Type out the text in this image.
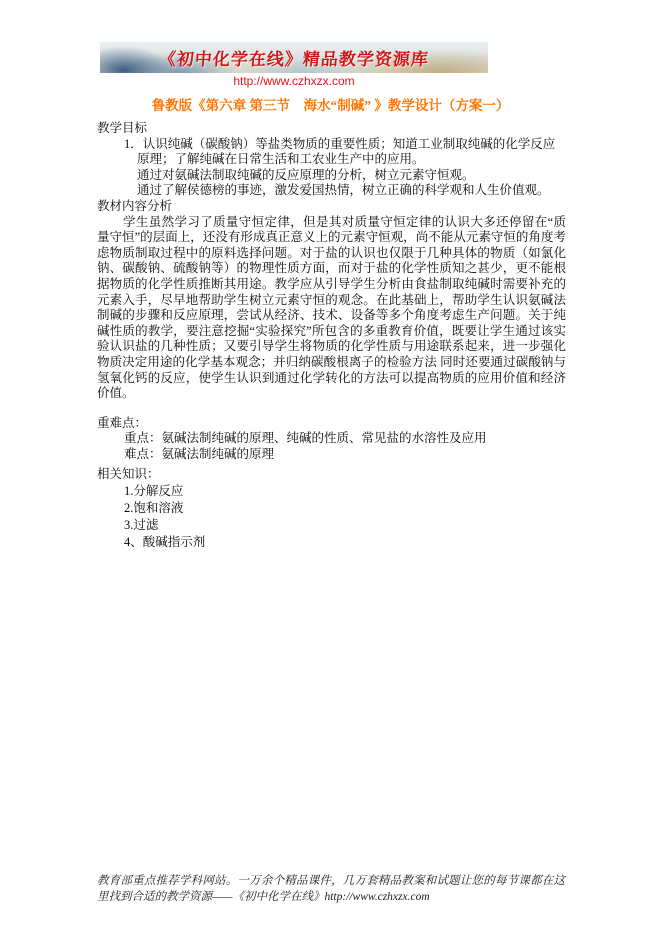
《初中化学在线》精品教学资源库
http://www.czhxzx.com
鲁教版《第六章 第三节　海水“制碱” 》教学设计（方案一）
教学目标
1．认识纯碱（碳酸钠）等盐类物质的重要性质；知道工业制取纯碱的化学反应原理；了解纯碱在日常生活和工农业生产中的应用。
通过对氨碱法制取纯碱的反应原理的分析，树立元素守恒观。
通过了解侯德榜的事迹，激发爱国热情，树立正确的科学观和人生价值观。
教材内容分析
学生虽然学习了质量守恒定律，但是其对质量守恒定律的认识大多还停留在“质量守恒”的层面上，还没有形成真正意义上的元素守恒观，尚不能从元素守恒的角度考虑物质制取过程中的原料选择问题。对于盐的认识也仅限于几种具体的物质（如氯化钠、碳酸钠、硫酸钠等）的物理性质方面，而对于盐的化学性质知之甚少，更不能根据物质的化学性质推断其用途。教学应从引导学生分析由食盐制取纯碱时需要补充的元素入手，尽早地帮助学生树立元素守恒的观念。在此基础上，帮助学生认识氨碱法制碱的步骤和反应原理，尝试从经济、技术、设备等多个角度考虑生产问题。关于纯碱性质的教学，要注意挖掘“实验探究”所包含的多重教育价值，既要让学生通过该实验认识盐的几种性质；又要引导学生将物质的化学性质与用途联系起来，进一步强化物质决定用途的化学基本观念；并归纳碳酸根离子的检验方法 同时还要通过碳酸钠与氢氧化钙的反应，使学生认识到通过化学转化的方法可以提高物质的应用价值和经济价值。
重难点：
重点：氨碱法制纯碱的原理、纯碱的性质、常见盐的水溶性及应用
难点：氨碱法制纯碱的原理
相关知识：
1.分解反应
2.饱和溶液
3.过滤
4、酸碱指示剂
教育部重点推荐学科网站。一万余个精品课件，几万套精品教案和试题让您的每节课都在这里找到合适的教学资源——《初中化学在线》http://www.czhxzx.com
